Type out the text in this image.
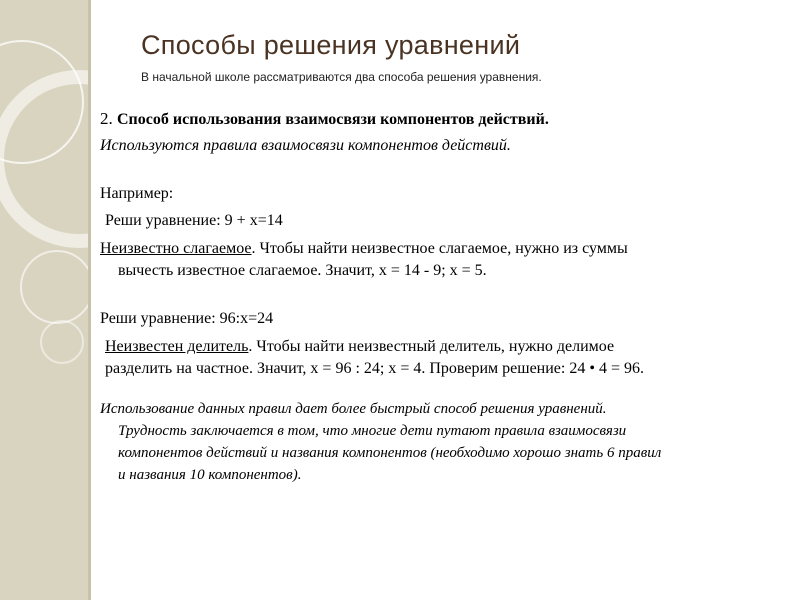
Способы решения уравнений
В начальной школе рассматриваются два способа решения уравнения.

2. Способ использования взаимосвязи компонентов действий.

Используются правила взаимосвязи компонентов действий.

Например:

Реши уравнение: 9 + х=14

Неизвестно слагаемое. Чтобы найти неизвестное слагаемое, нужно из суммы

вычесть известное слагаемое. Значит, х = 14 - 9; х = 5.

Реши уравнение: 96:х=24

Неизвестен делитель. Чтобы найти неизвестный делитель, нужно делимое

разделить на частное. Значит, х = 96 : 24; х = 4. Проверим решение: 24 • 4 = 96.

Использование данных правил дает более быстрый способ решения уравнений.
Трудность заключается в том, что многие дети путают правила взаимосвязи
компонентов действий и названия компонентов (необходимо хорошо знать 6 правил
и названия 10 компонентов).
